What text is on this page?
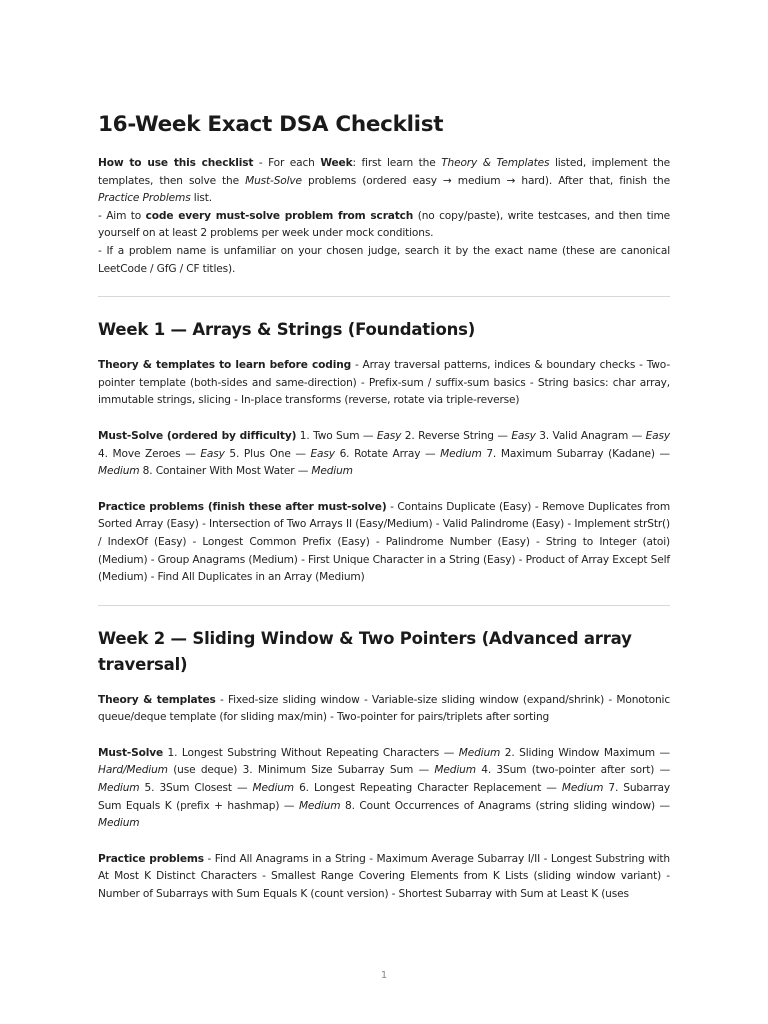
16-Week Exact DSA Checklist

How to use this checklist - For each Week: first learn the Theory & Templates listed, implement the templates, then solve the Must-Solve problems (ordered easy → medium → hard). After that, finish the Practice Problems list.

- Aim to code every must-solve problem from scratch (no copy/paste), write testcases, and then time yourself on at least 2 problems per week under mock conditions.

- If a problem name is unfamiliar on your chosen judge, search it by the exact name (these are canonical LeetCode / GfG / CF titles).

Week 1 — Arrays & Strings (Foundations)

Theory & templates to learn before coding - Array traversal patterns, indices & boundary checks - Two-pointer template (both-sides and same-direction) - Prefix-sum / suffix-sum basics - String basics: char array, immutable strings, slicing - In-place transforms (reverse, rotate via triple-reverse)

Must-Solve (ordered by difficulty) 1. Two Sum — Easy 2. Reverse String — Easy 3. Valid Anagram — Easy 4. Move Zeroes — Easy 5. Plus One — Easy 6. Rotate Array — Medium 7. Maximum Subarray (Kadane) — Medium 8. Container With Most Water — Medium

Practice problems (finish these after must-solve) - Contains Duplicate (Easy) - Remove Duplicates from Sorted Array (Easy) - Intersection of Two Arrays II (Easy/Medium) - Valid Palindrome (Easy) - Implement strStr() / IndexOf (Easy) - Longest Common Prefix (Easy) - Palindrome Number (Easy) - String to Integer (atoi) (Medium) - Group Anagrams (Medium) - First Unique Character in a String (Easy) - Product of Array Except Self (Medium) - Find All Duplicates in an Array (Medium)

Week 2 — Sliding Window & Two Pointers (Advanced array traversal)

Theory & templates - Fixed-size sliding window - Variable-size sliding window (expand/shrink) - Monotonic queue/deque template (for sliding max/min) - Two-pointer for pairs/triplets after sorting

Must-Solve 1. Longest Substring Without Repeating Characters — Medium 2. Sliding Window Maximum — Hard/Medium (use deque) 3. Minimum Size Subarray Sum — Medium 4. 3Sum (two-pointer after sort) — Medium 5. 3Sum Closest — Medium 6. Longest Repeating Character Replacement — Medium 7. Subarray Sum Equals K (prefix + hashmap) — Medium 8. Count Occurrences of Anagrams (string sliding window) — Medium

Practice problems - Find All Anagrams in a String - Maximum Average Subarray I/II - Longest Substring with At Most K Distinct Characters - Smallest Range Covering Elements from K Lists (sliding window variant) - Number of Subarrays with Sum Equals K (count version) - Shortest Subarray with Sum at Least K (uses

1
